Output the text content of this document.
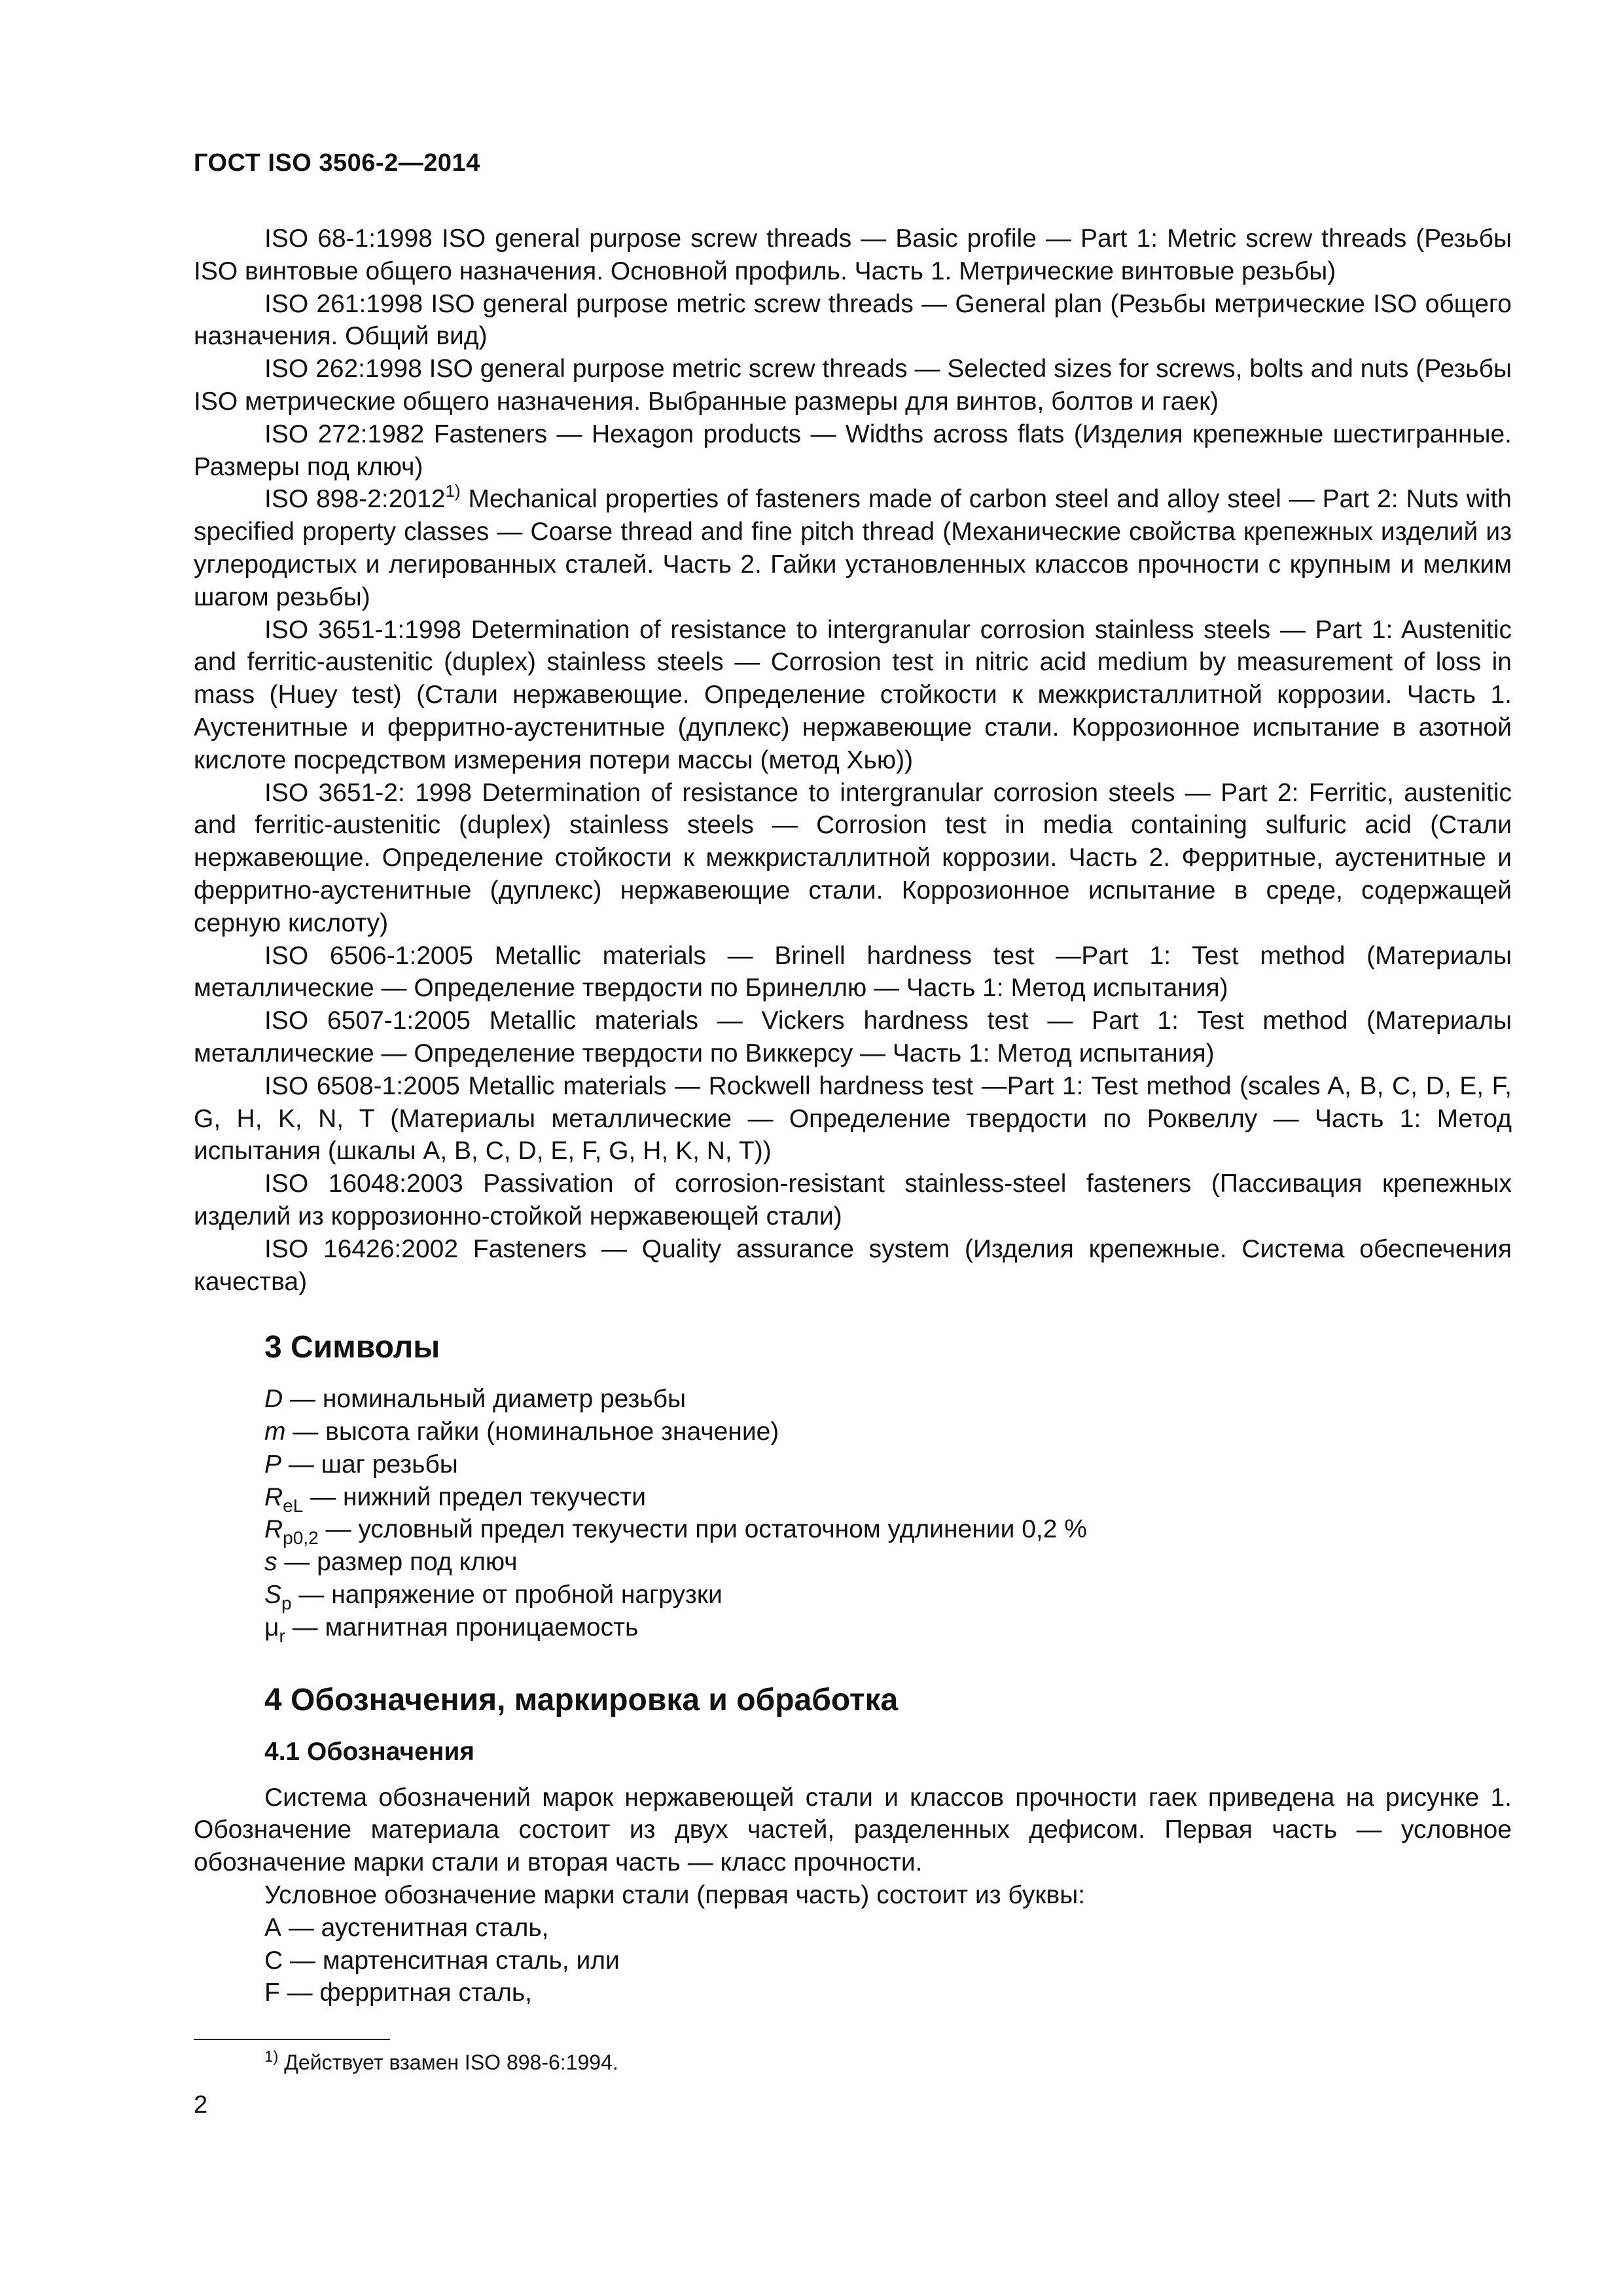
ГОСТ ISO 3506-2—2014

ISO 68-1:1998 ISO general purpose screw threads — Basic profile — Part 1: Metric screw threads (Резьбы ISO винтовые общего назначения. Основной профиль. Часть 1. Метрические винтовые резьбы)

ISO 261:1998 ISO general purpose metric screw threads — General plan (Резьбы метрические ISO общего назначения. Общий вид)

ISO 262:1998 ISO general purpose metric screw threads — Selected sizes for screws, bolts and nuts (Резьбы ISO метрические общего назначения. Выбранные размеры для винтов, болтов и гаек)

ISO 272:1982 Fasteners — Hexagon products — Widths across flats (Изделия крепежные шестигранные. Размеры под ключ)

ISO 898-2:2012$^{1)}$ Mechanical properties of fasteners made of carbon steel and alloy steel — Part 2: Nuts with specified property classes — Coarse thread and fine pitch thread (Механические свойства крепежных изделий из углеродистых и легированных сталей. Часть 2. Гайки установленных классов прочности с крупным и мелким шагом резьбы)

ISO 3651-1:1998 Determination of resistance to intergranular corrosion stainless steels — Part 1: Austenitic and ferritic-austenitic (duplex) stainless steels — Corrosion test in nitric acid medium by measurement of loss in mass (Huey test) (Стали нержавеющие. Определение стойкости к межкристаллитной коррозии. Часть 1. Аустенитные и ферритно-аустенитные (дуплекс) нержавеющие стали. Коррозионное испытание в азотной кислоте посредством измерения потери массы (метод Хью))

ISO 3651-2: 1998 Determination of resistance to intergranular corrosion steels — Part 2: Ferritic, austenitic and ferritic-austenitic (duplex) stainless steels — Corrosion test in media containing sulfuric acid (Стали нержавеющие. Определение стойкости к межкристаллитной коррозии. Часть 2. Ферритные, аустенитные и ферритно-аустенитные (дуплекс) нержавеющие стали. Коррозионное испытание в среде, содержащей серную кислоту)

ISO 6506-1:2005 Metallic materials — Brinell hardness test —Part 1: Test method (Материалы металлические — Определение твердости по Бринеллю — Часть 1: Метод испытания)

ISO 6507-1:2005 Metallic materials — Vickers hardness test — Part 1: Test method (Материалы металлические — Определение твердости по Виккерсу — Часть 1: Метод испытания)

ISO 6508-1:2005 Metallic materials — Rockwell hardness test —Part 1: Test method (scales A, B, C, D, E, F, G, H, K, N, T (Материалы металлические — Определение твердости по Роквеллу — Часть 1: Метод испытания (шкалы A, B, C, D, E, F, G, H, K, N, T))

ISO 16048:2003 Passivation of corrosion-resistant stainless-steel fasteners (Пассивация крепежных изделий из коррозионно-стойкой нержавеющей стали)

ISO 16426:2002 Fasteners — Quality assurance system (Изделия крепежные. Система обеспечения качества)

3 Символы
D — номинальный диаметр резьбы
m — высота гайки (номинальное значение)
P — шаг резьбы
$R_{eL}$ — нижний предел текучести
$R_{p0,2}$ — условный предел текучести при остаточном удлинении 0,2 %
s — размер под ключ
$S_p$ — напряжение от пробной нагрузки
$\mu_r$ — магнитная проницаемость
4 Обозначения, маркировка и обработка
4.1 Обозначения

Система обозначений марок нержавеющей стали и классов прочности гаек приведена на рисунке 1. Обозначение материала состоит из двух частей, разделенных дефисом. Первая часть — условное обозначение марки стали и вторая часть — класс прочности.

Условное обозначение марки стали (первая часть) состоит из буквы:

А — аустенитная сталь,
С — мартенситная сталь, или
F — ферритная сталь,
$^{1)}$ Действует взамен ISO 898-6:1994.
2
